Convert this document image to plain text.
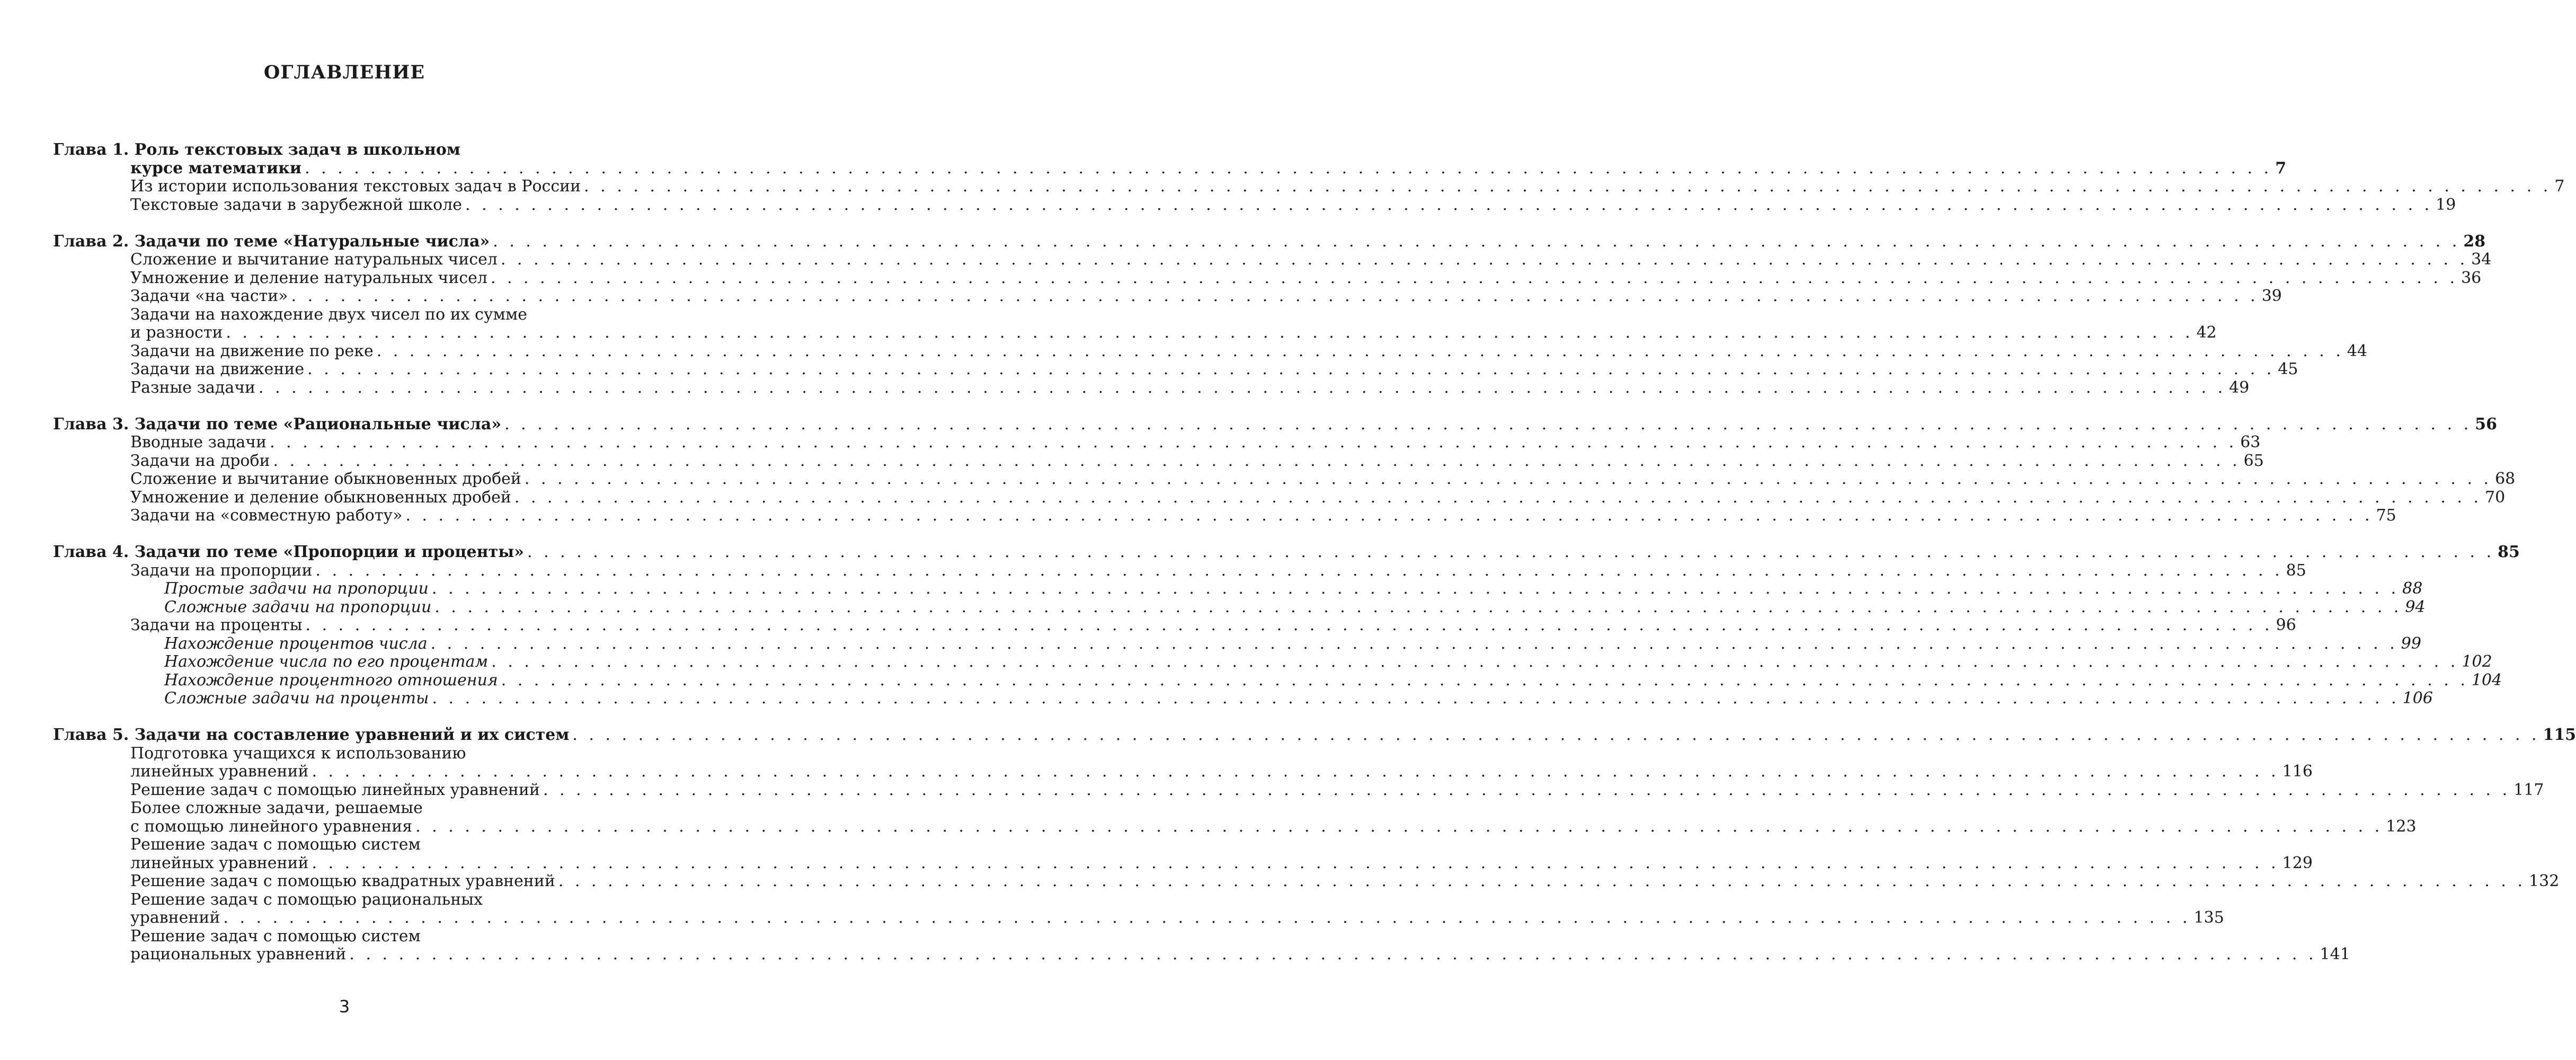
ОГЛАВЛЕНИЕ
Глава 1. Роль текстовых задач в школьном
курсе математики . . . . . . . . . . . . . . . . . . . . . . . . . . . . . . . . . . . . . . . . . . . . . . . . . . . . . . . . . . . . . . . . . . . . . . . . . . . . . . . . . . . . . . . . . . . . . . . . . . . . . . . . . . . . . . . . . . . . . . . . 7
Из истории использования текстовых задач в России . . . . . . . . . . . . . . . . . . . . . . . . . . . . . . . . . . . . . . . . . . . . . . . . . . . . . . . . . . . . . . . . . . . . . . . . . . . . . . . . . . . . . . . . . . . . . . . . . . . . . . . . . . . . . . . . . . . . . . . . 7
Текстовые задачи в зарубежной школе . . . . . . . . . . . . . . . . . . . . . . . . . . . . . . . . . . . . . . . . . . . . . . . . . . . . . . . . . . . . . . . . . . . . . . . . . . . . . . . . . . . . . . . . . . . . . . . . . . . . . . . . . . . . . . . . . . . . . . . . 19
Глава 2. Задачи по теме «Натуральные числа» . . . . . . . . . . . . . . . . . . . . . . . . . . . . . . . . . . . . . . . . . . . . . . . . . . . . . . . . . . . . . . . . . . . . . . . . . . . . . . . . . . . . . . . . . . . . . . . . . . . . . . . . . . . . . . . . . . . . . . . . 28
Сложение и вычитание натуральных чисел . . . . . . . . . . . . . . . . . . . . . . . . . . . . . . . . . . . . . . . . . . . . . . . . . . . . . . . . . . . . . . . . . . . . . . . . . . . . . . . . . . . . . . . . . . . . . . . . . . . . . . . . . . . . . . . . . . . . . . . . 34
Умножение и деление натуральных чисел . . . . . . . . . . . . . . . . . . . . . . . . . . . . . . . . . . . . . . . . . . . . . . . . . . . . . . . . . . . . . . . . . . . . . . . . . . . . . . . . . . . . . . . . . . . . . . . . . . . . . . . . . . . . . . . . . . . . . . . . 36
Задачи «на части» . . . . . . . . . . . . . . . . . . . . . . . . . . . . . . . . . . . . . . . . . . . . . . . . . . . . . . . . . . . . . . . . . . . . . . . . . . . . . . . . . . . . . . . . . . . . . . . . . . . . . . . . . . . . . . . . . . . . . . . . 39
Задачи на нахождение двух чисел по их сумме
и разности . . . . . . . . . . . . . . . . . . . . . . . . . . . . . . . . . . . . . . . . . . . . . . . . . . . . . . . . . . . . . . . . . . . . . . . . . . . . . . . . . . . . . . . . . . . . . . . . . . . . . . . . . . . . . . . . . . . . . . . . 42
Задачи на движение по реке . . . . . . . . . . . . . . . . . . . . . . . . . . . . . . . . . . . . . . . . . . . . . . . . . . . . . . . . . . . . . . . . . . . . . . . . . . . . . . . . . . . . . . . . . . . . . . . . . . . . . . . . . . . . . . . . . . . . . . . . 44
Задачи на движение . . . . . . . . . . . . . . . . . . . . . . . . . . . . . . . . . . . . . . . . . . . . . . . . . . . . . . . . . . . . . . . . . . . . . . . . . . . . . . . . . . . . . . . . . . . . . . . . . . . . . . . . . . . . . . . . . . . . . . . . 45
Разные задачи . . . . . . . . . . . . . . . . . . . . . . . . . . . . . . . . . . . . . . . . . . . . . . . . . . . . . . . . . . . . . . . . . . . . . . . . . . . . . . . . . . . . . . . . . . . . . . . . . . . . . . . . . . . . . . . . . . . . . . . . 49
Глава 3. Задачи по теме «Рациональные числа» . . . . . . . . . . . . . . . . . . . . . . . . . . . . . . . . . . . . . . . . . . . . . . . . . . . . . . . . . . . . . . . . . . . . . . . . . . . . . . . . . . . . . . . . . . . . . . . . . . . . . . . . . . . . . . . . . . . . . . . . 56
Вводные задачи . . . . . . . . . . . . . . . . . . . . . . . . . . . . . . . . . . . . . . . . . . . . . . . . . . . . . . . . . . . . . . . . . . . . . . . . . . . . . . . . . . . . . . . . . . . . . . . . . . . . . . . . . . . . . . . . . . . . . . . . 63
Задачи на дроби . . . . . . . . . . . . . . . . . . . . . . . . . . . . . . . . . . . . . . . . . . . . . . . . . . . . . . . . . . . . . . . . . . . . . . . . . . . . . . . . . . . . . . . . . . . . . . . . . . . . . . . . . . . . . . . . . . . . . . . . 65
Сложение и вычитание обыкновенных дробей . . . . . . . . . . . . . . . . . . . . . . . . . . . . . . . . . . . . . . . . . . . . . . . . . . . . . . . . . . . . . . . . . . . . . . . . . . . . . . . . . . . . . . . . . . . . . . . . . . . . . . . . . . . . . . . . . . . . . . . . 68
Умножение и деление обыкновенных дробей . . . . . . . . . . . . . . . . . . . . . . . . . . . . . . . . . . . . . . . . . . . . . . . . . . . . . . . . . . . . . . . . . . . . . . . . . . . . . . . . . . . . . . . . . . . . . . . . . . . . . . . . . . . . . . . . . . . . . . . . 70
Задачи на «совместную работу» . . . . . . . . . . . . . . . . . . . . . . . . . . . . . . . . . . . . . . . . . . . . . . . . . . . . . . . . . . . . . . . . . . . . . . . . . . . . . . . . . . . . . . . . . . . . . . . . . . . . . . . . . . . . . . . . . . . . . . . . 75
Глава 4. Задачи по теме «Пропорции и проценты» . . . . . . . . . . . . . . . . . . . . . . . . . . . . . . . . . . . . . . . . . . . . . . . . . . . . . . . . . . . . . . . . . . . . . . . . . . . . . . . . . . . . . . . . . . . . . . . . . . . . . . . . . . . . . . . . . . . . . . . . 85
Задачи на пропорции . . . . . . . . . . . . . . . . . . . . . . . . . . . . . . . . . . . . . . . . . . . . . . . . . . . . . . . . . . . . . . . . . . . . . . . . . . . . . . . . . . . . . . . . . . . . . . . . . . . . . . . . . . . . . . . . . . . . . . . . 85
Простые задачи на пропорции . . . . . . . . . . . . . . . . . . . . . . . . . . . . . . . . . . . . . . . . . . . . . . . . . . . . . . . . . . . . . . . . . . . . . . . . . . . . . . . . . . . . . . . . . . . . . . . . . . . . . . . . . . . . . . . . . . . . . . . . 88
Сложные задачи на пропорции . . . . . . . . . . . . . . . . . . . . . . . . . . . . . . . . . . . . . . . . . . . . . . . . . . . . . . . . . . . . . . . . . . . . . . . . . . . . . . . . . . . . . . . . . . . . . . . . . . . . . . . . . . . . . . . . . . . . . . . . 94
Задачи на проценты . . . . . . . . . . . . . . . . . . . . . . . . . . . . . . . . . . . . . . . . . . . . . . . . . . . . . . . . . . . . . . . . . . . . . . . . . . . . . . . . . . . . . . . . . . . . . . . . . . . . . . . . . . . . . . . . . . . . . . . . 96
Нахождение процентов числа . . . . . . . . . . . . . . . . . . . . . . . . . . . . . . . . . . . . . . . . . . . . . . . . . . . . . . . . . . . . . . . . . . . . . . . . . . . . . . . . . . . . . . . . . . . . . . . . . . . . . . . . . . . . . . . . . . . . . . . . 99
Нахождение числа по его процентам . . . . . . . . . . . . . . . . . . . . . . . . . . . . . . . . . . . . . . . . . . . . . . . . . . . . . . . . . . . . . . . . . . . . . . . . . . . . . . . . . . . . . . . . . . . . . . . . . . . . . . . . . . . . . . . . . . . . . . . . 102
Нахождение процентного отношения . . . . . . . . . . . . . . . . . . . . . . . . . . . . . . . . . . . . . . . . . . . . . . . . . . . . . . . . . . . . . . . . . . . . . . . . . . . . . . . . . . . . . . . . . . . . . . . . . . . . . . . . . . . . . . . . . . . . . . . . 104
Сложные задачи на проценты . . . . . . . . . . . . . . . . . . . . . . . . . . . . . . . . . . . . . . . . . . . . . . . . . . . . . . . . . . . . . . . . . . . . . . . . . . . . . . . . . . . . . . . . . . . . . . . . . . . . . . . . . . . . . . . . . . . . . . . . 106
Глава 5. Задачи на составление уравнений и их систем . . . . . . . . . . . . . . . . . . . . . . . . . . . . . . . . . . . . . . . . . . . . . . . . . . . . . . . . . . . . . . . . . . . . . . . . . . . . . . . . . . . . . . . . . . . . . . . . . . . . . . . . . . . . . . . . . . . . . . . . 115
Подготовка учащихся к использованию
линейных уравнений . . . . . . . . . . . . . . . . . . . . . . . . . . . . . . . . . . . . . . . . . . . . . . . . . . . . . . . . . . . . . . . . . . . . . . . . . . . . . . . . . . . . . . . . . . . . . . . . . . . . . . . . . . . . . . . . . . . . . . . . 116
Решение задач с помощью линейных уравнений . . . . . . . . . . . . . . . . . . . . . . . . . . . . . . . . . . . . . . . . . . . . . . . . . . . . . . . . . . . . . . . . . . . . . . . . . . . . . . . . . . . . . . . . . . . . . . . . . . . . . . . . . . . . . . . . . . . . . . . . 117
Более сложные задачи, решаемые
с помощью линейного уравнения . . . . . . . . . . . . . . . . . . . . . . . . . . . . . . . . . . . . . . . . . . . . . . . . . . . . . . . . . . . . . . . . . . . . . . . . . . . . . . . . . . . . . . . . . . . . . . . . . . . . . . . . . . . . . . . . . . . . . . . . 123
Решение задач с помощью систем
линейных уравнений . . . . . . . . . . . . . . . . . . . . . . . . . . . . . . . . . . . . . . . . . . . . . . . . . . . . . . . . . . . . . . . . . . . . . . . . . . . . . . . . . . . . . . . . . . . . . . . . . . . . . . . . . . . . . . . . . . . . . . . . 129
Решение задач с помощью квадратных уравнений . . . . . . . . . . . . . . . . . . . . . . . . . . . . . . . . . . . . . . . . . . . . . . . . . . . . . . . . . . . . . . . . . . . . . . . . . . . . . . . . . . . . . . . . . . . . . . . . . . . . . . . . . . . . . . . . . . . . . . . . 132
Решение задач с помощью рациональных
уравнений . . . . . . . . . . . . . . . . . . . . . . . . . . . . . . . . . . . . . . . . . . . . . . . . . . . . . . . . . . . . . . . . . . . . . . . . . . . . . . . . . . . . . . . . . . . . . . . . . . . . . . . . . . . . . . . . . . . . . . . . 135
Решение задач с помощью систем
рациональных уравнений . . . . . . . . . . . . . . . . . . . . . . . . . . . . . . . . . . . . . . . . . . . . . . . . . . . . . . . . . . . . . . . . . . . . . . . . . . . . . . . . . . . . . . . . . . . . . . . . . . . . . . . . . . . . . . . . . . . . . . . . 141
3
